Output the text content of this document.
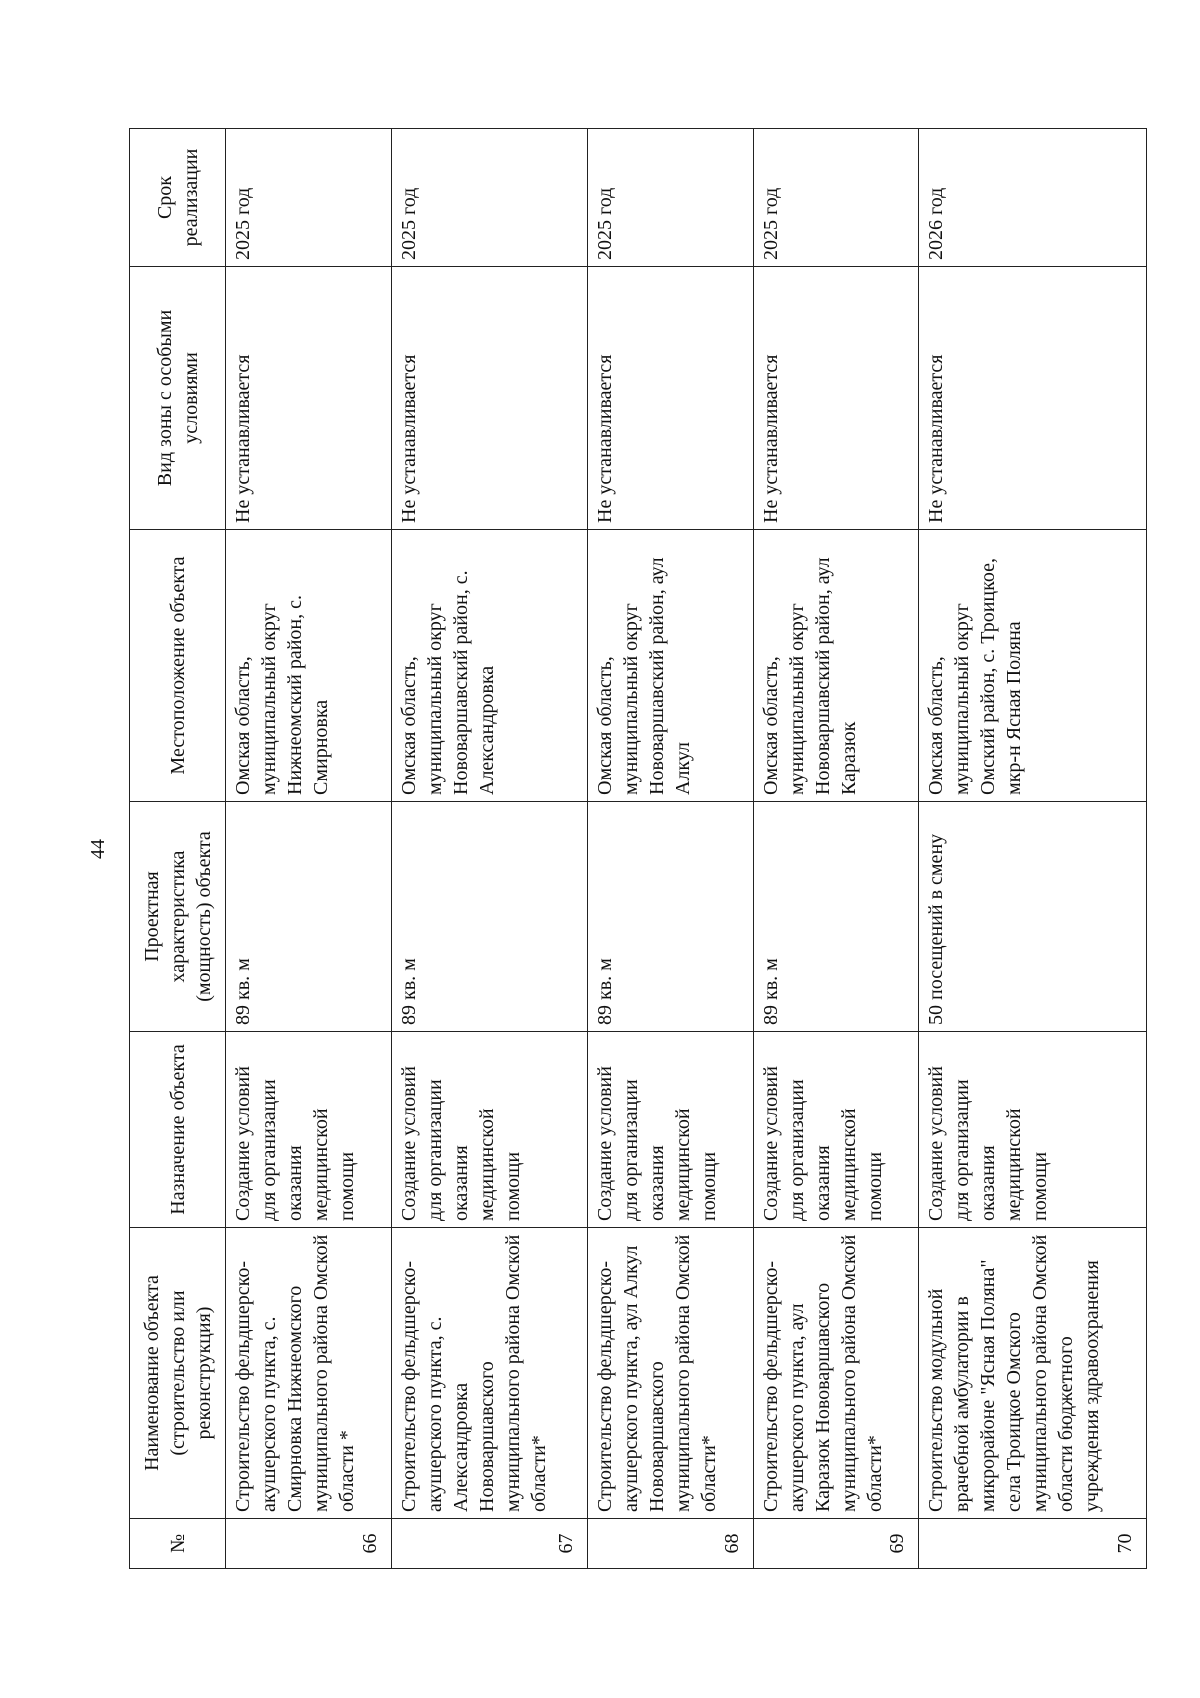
44
№	Наименование объекта (строительство или реконструкция)	Назначение объекта	Проектная характеристика (мощность) объекта	Местоположение объекта	Вид зоны с особыми условиями	Срок реализации
66	Строительство фельдшерско-акушерского пункта, с. Смирновка Нижнеомского муниципального района Омской области *	Создание условий для организации оказания медицинской помощи	89 кв. м	Омская область, муниципальный округ Нижнеомский район, с. Смирновка	Не устанавливается	2025 год
67	Строительство фельдшерско-акушерского пункта, с. Александровка Нововаршавского муниципального района Омской области*	Создание условий для организации оказания медицинской помощи	89 кв. м	Омская область, муниципальный округ Нововаршавский район, с. Александровка	Не устанавливается	2025 год
68	Строительство фельдшерско-акушерского пункта, аул Алкул Нововаршавского муниципального района Омской области*	Создание условий для организации оказания медицинской помощи	89 кв. м	Омская область, муниципальный округ Нововаршавский район, аул Алкул	Не устанавливается	2025 год
69	Строительство фельдшерско-акушерского пункта, аул Каразюк Нововаршавского муниципального района Омской области*	Создание условий для организации оказания медицинской помощи	89 кв. м	Омская область, муниципальный округ Нововаршавский район, аул Каразюк	Не устанавливается	2025 год
70	Строительство модульной врачебной амбулатории в микрорайоне "Ясная Поляна" села Троицкое Омского муниципального района Омской области бюджетного учреждения здравоохранения	Создание условий для организации оказания медицинской помощи	50 посещений в смену	Омская область, муниципальный округ Омский район, с. Троицкое, мкр-н Ясная Поляна	Не устанавливается	2026 год
